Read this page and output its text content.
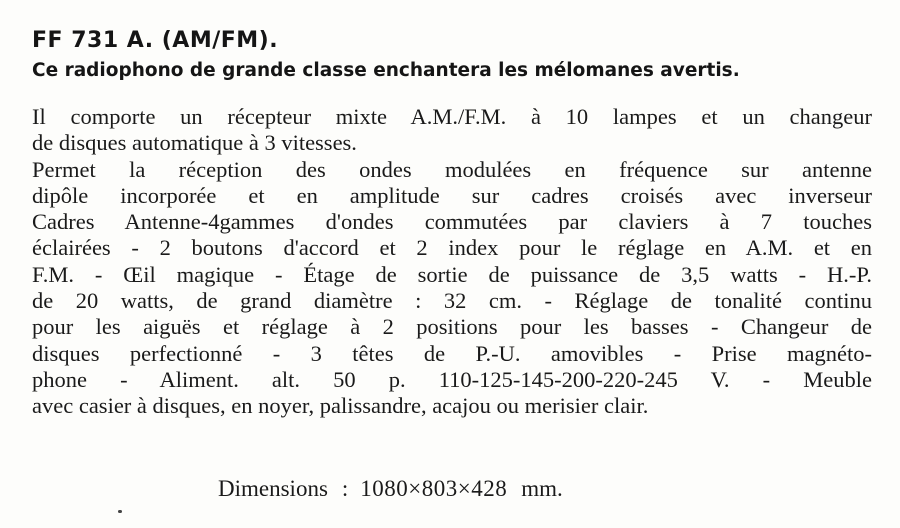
FF 731 A. (AM/FM).
Ce radiophono de grande classe enchantera les mélomanes avertis.
Il comporte un récepteur mixte A.M./F.M. à 10 lampes et un changeur
de disques automatique à 3 vitesses.
Permet la réception des ondes modulées en fréquence sur antenne
dipôle incorporée et en amplitude sur cadres croisés avec inverseur
Cadres Antenne-4gammes d'ondes commutées par claviers à 7 touches
éclairées - 2 boutons d'accord et 2 index pour le réglage en A.M. et en
F.M. - Œil magique - Étage de sortie de puissance de 3,5 watts - H.-P.
de 20 watts, de grand diamètre : 32 cm. - Réglage de tonalité continu
pour les aiguës et réglage à 2 positions pour les basses - Changeur de
disques perfectionné - 3 têtes de P.-U. amovibles - Prise magnéto-
phone - Aliment. alt. 50 p. 110-125-145-200-220-245 V. - Meuble
avec casier à disques, en noyer, palissandre, acajou ou merisier clair.
Dimensions : 1080×803×428 mm.
